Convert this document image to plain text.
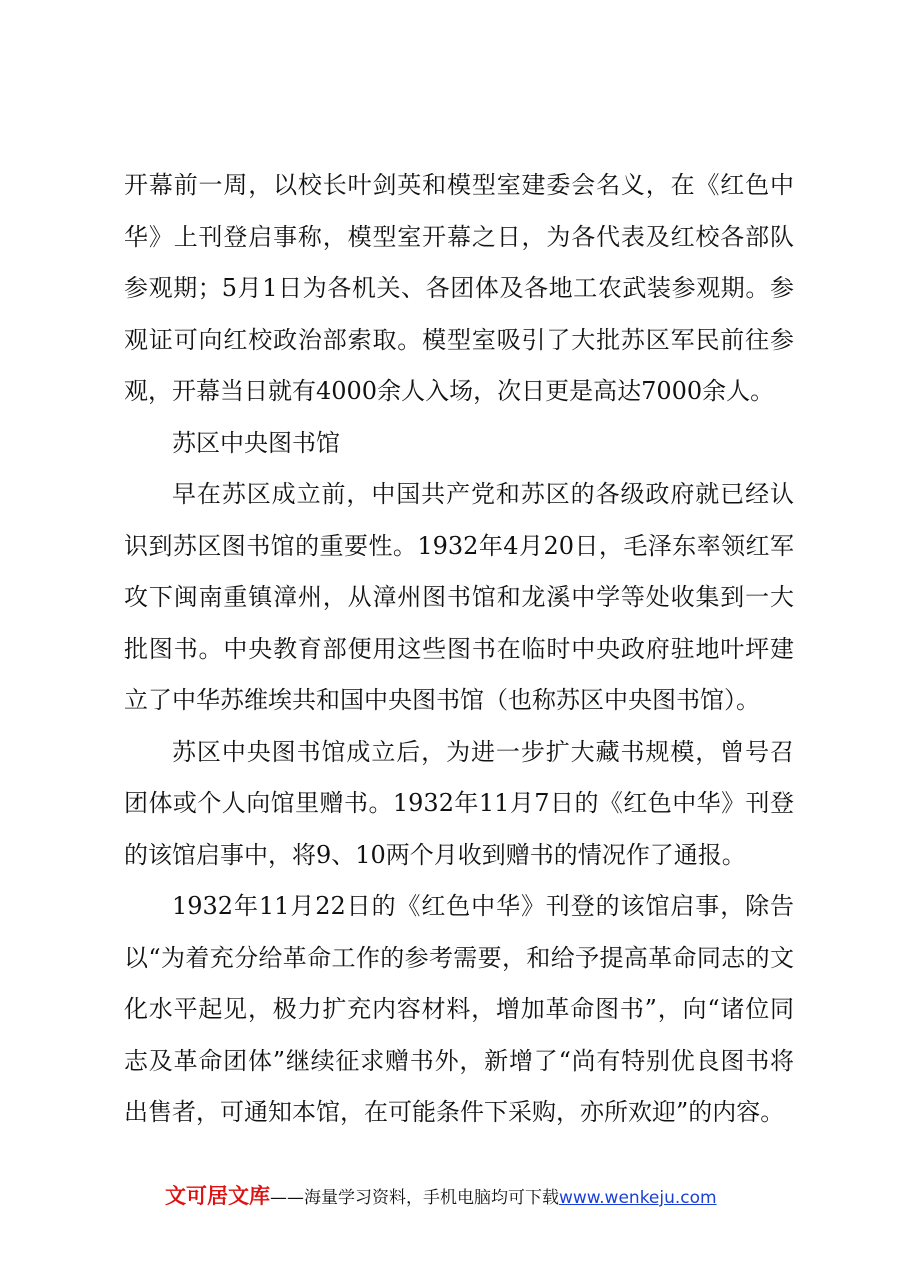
开幕前一周，以校长叶剑英和模型室建委会名义，在《红色中华》上刊登启事称，模型室开幕之日，为各代表及红校各部队参观期；5月1日为各机关、各团体及各地工农武装参观期。参观证可向红校政治部索取。模型室吸引了大批苏区军民前往参观，开幕当日就有4000余人入场，次日更是高达7000余人。

苏区中央图书馆

早在苏区成立前，中国共产党和苏区的各级政府就已经认识到苏区图书馆的重要性。1932年4月20日，毛泽东率领红军攻下闽南重镇漳州，从漳州图书馆和龙溪中学等处收集到一大批图书。中央教育部便用这些图书在临时中央政府驻地叶坪建立了中华苏维埃共和国中央图书馆（也称苏区中央图书馆）。

苏区中央图书馆成立后，为进一步扩大藏书规模，曾号召团体或个人向馆里赠书。1932年11月7日的《红色中华》刊登的该馆启事中，将9、10两个月收到赠书的情况作了通报。

1932年11月22日的《红色中华》刊登的该馆启事，除告以“为着充分给革命工作的参考需要，和给予提高革命同志的文化水平起见，极力扩充内容材料，增加革命图书”，向“诸位同志及革命团体”继续征求赠书外，新增了“尚有特别优良图书将出售者，可通知本馆，在可能条件下采购，亦所欢迎”的内容。

文可居文库——海量学习资料，手机电脑均可下载www.wenkeju.com
